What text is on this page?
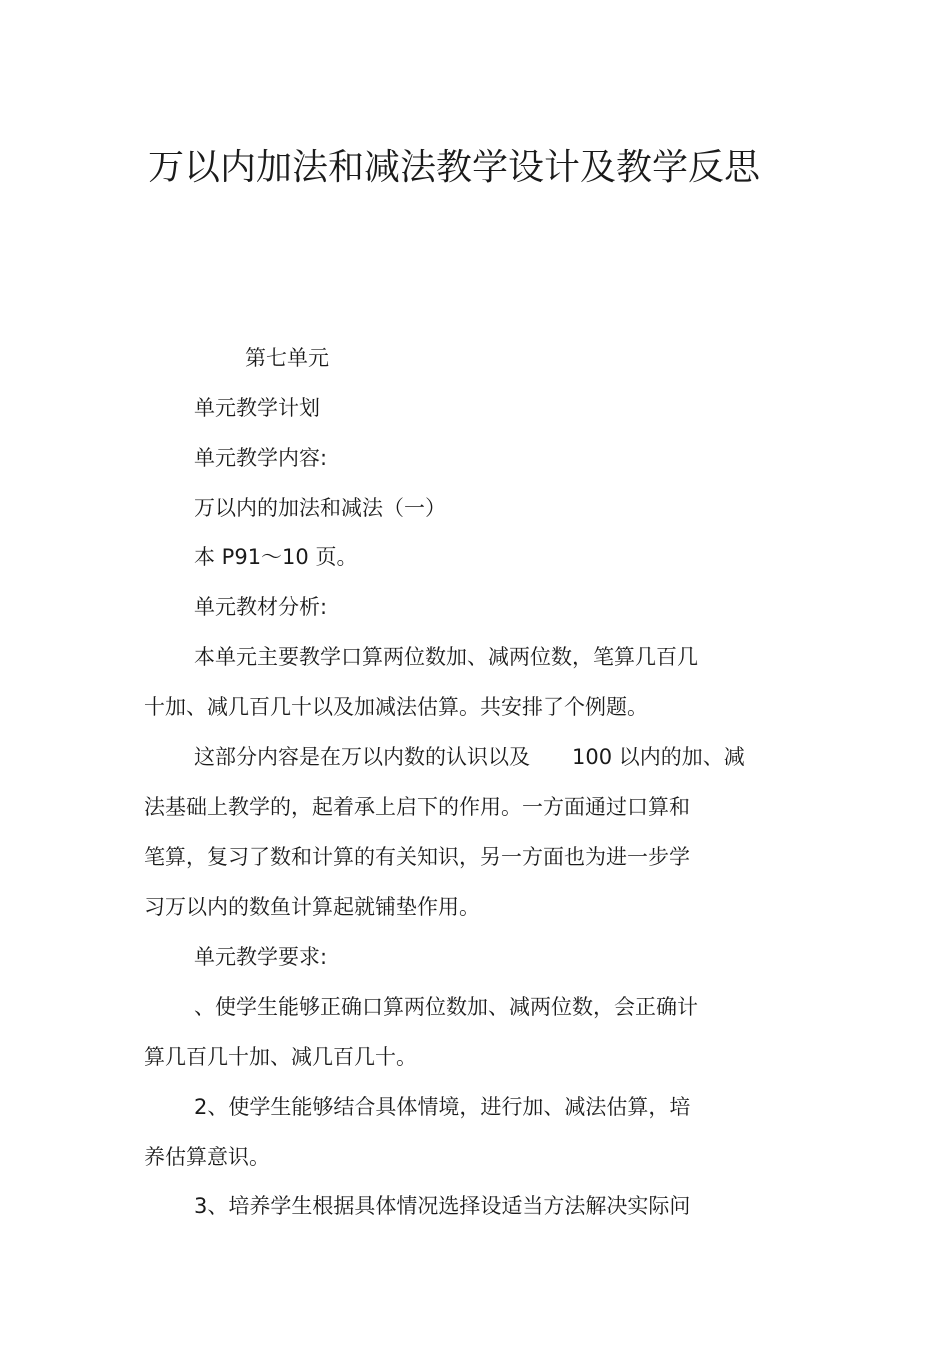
万以内加法和减法教学设计及教学反思
第七单元
单元教学计划
单元教学内容:
万以内的加法和减法（一）
本 P91～10 页。
单元教材分析:
本单元主要教学口算两位数加、减两位数，笔算几百几
十加、减几百几十以及加减法估算。共安排了个例题。
这部分内容是在万以内数的认识以及　　100 以内的加、减
法基础上教学的，起着承上启下的作用。一方面通过口算和
笔算，复习了数和计算的有关知识，另一方面也为进一步学
习万以内的数鱼计算起就铺垫作用。
单元教学要求:
、使学生能够正确口算两位数加、减两位数，会正确计
算几百几十加、减几百几十。
2、使学生能够结合具体情境，进行加、减法估算，培
养估算意识。
3、培养学生根据具体情况选择设适当方法解决实际问
